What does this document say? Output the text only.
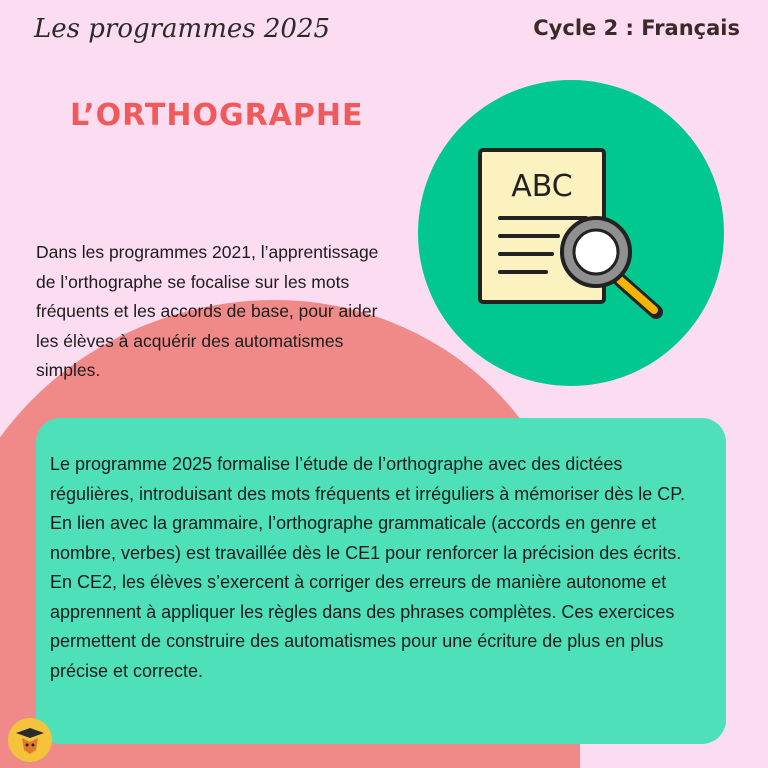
Les programmes 2025	Cycle 2 : Français
L’ORTHOGRAPHE
ABC
Dans les programmes 2021, l’apprentissage de l’orthographe se focalise sur les mots fréquents et les accords de base, pour aider les élèves à acquérir des automatismes simples.

Le programme 2025 formalise l’étude de l’orthographe avec des dictées régulières, introduisant des mots fréquents et irréguliers à mémoriser dès le CP. En lien avec la grammaire, l’orthographe grammaticale (accords en genre et nombre, verbes) est travaillée dès le CE1 pour renforcer la précision des écrits. En CE2, les élèves s’exercent à corriger des erreurs de manière autonome et apprennent à appliquer les règles dans des phrases complètes. Ces exercices permettent de construire des automatismes pour une écriture de plus en plus précise et correcte.
